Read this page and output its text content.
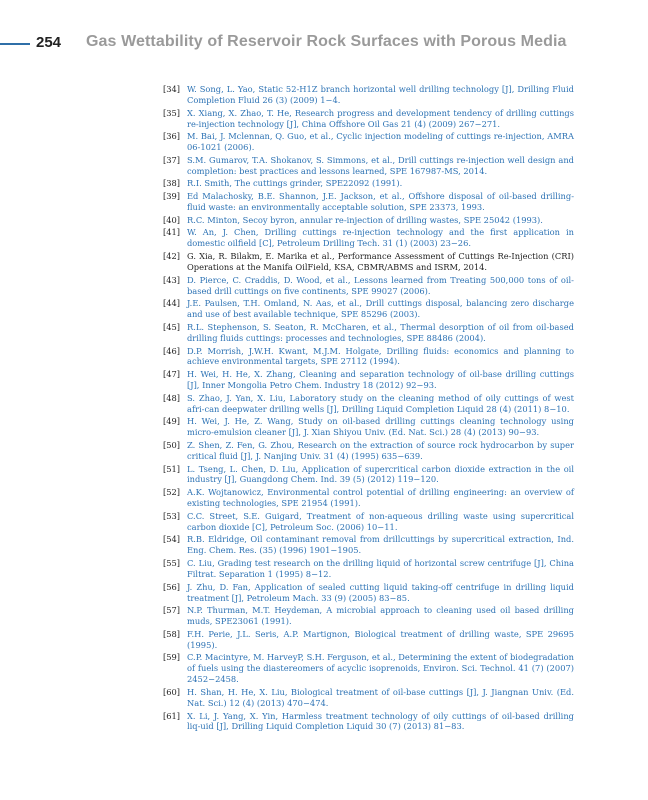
254 Gas Wettability of Reservoir Rock Surfaces with Porous Media
[34] W. Song, L. Yao, Static 52-H1Z branch horizontal well drilling technology [J], Drilling Fluid Completion Fluid 26 (3) (2009) 1−4.
[35] X. Xiang, X. Zhao, T. He, Research progress and development tendency of drilling cuttings re-injection technology [J], China Offshore Oil Gas 21 (4) (2009) 267−271.
[36] M. Bai, J. Mclennan, Q. Guo, et al., Cyclic injection modeling of cuttings re-injection, AMRA 06-1021 (2006).
[37] S.M. Gumarov, T.A. Shokanov, S. Simmons, et al., Drill cuttings re-injection well design and completion: best practices and lessons learned, SPE 167987-MS, 2014.
[38] R.I. Smith, The cuttings grinder, SPE22092 (1991).
[39] Ed Malachosky, B.E. Shannon, J.E. Jackson, et al., Offshore disposal of oil-based drilling-fluid waste: an environmentally acceptable solution, SPE 23373, 1993.
[40] R.C. Minton, Secoy byron, annular re-injection of drilling wastes, SPE 25042 (1993).
[41] W. An, J. Chen, Drilling cuttings re-injection technology and the first application in domestic oilfield [C], Petroleum Drilling Tech. 31 (1) (2003) 23−26.
[42] G. Xia, R. Bilakm, E. Marika et al., Performance Assessment of Cuttings Re-Injection (CRI) Operations at the Manifa OilField, KSA, CBMR/ABMS and ISRM, 2014.
[43] D. Pierce, C. Craddis, D. Wood, et al., Lessons learned from Treating 500,000 tons of oil-based drill cuttings on five continents, SPE 99027 (2006).
[44] J.E. Paulsen, T.H. Omland, N. Aas, et al., Drill cuttings disposal, balancing zero discharge and use of best available technique, SPE 85296 (2003).
[45] R.L. Stephenson, S. Seaton, R. McCharen, et al., Thermal desorption of oil from oil-based drilling fluids cuttings: processes and technologies, SPE 88486 (2004).
[46] D.P. Morrish, J.W.H. Kwant, M.J.M. Holgate, Drilling fluids: economics and planning to achieve environmental targets, SPE 27112 (1994).
[47] H. Wei, H. He, X. Zhang, Cleaning and separation technology of oil-base drilling cuttings [J], Inner Mongolia Petro Chem. Industry 18 (2012) 92−93.
[48] S. Zhao, J. Yan, X. Liu, Laboratory study on the cleaning method of oily cuttings of west afri-can deepwater drilling wells [J], Drilling Liquid Completion Liquid 28 (4) (2011) 8−10.
[49] H. Wei, J. He, Z. Wang, Study on oil-based drilling cuttings cleaning technology using micro-emulsion cleaner [J], J. Xian Shiyou Univ. (Ed. Nat. Sci.) 28 (4) (2013) 90−93.
[50] Z. Shen, Z. Fen, G. Zhou, Research on the extraction of source rock hydrocarbon by super critical fluid [J], J. Nanjing Univ. 31 (4) (1995) 635−639.
[51] L. Tseng, L. Chen, D. Liu, Application of supercritical carbon dioxide extraction in the oil industry [J], Guangdong Chem. Ind. 39 (5) (2012) 119−120.
[52] A.K. Wojtanowicz, Environmental control potential of drilling engineering: an overview of existing technologies, SPE 21954 (1991).
[53] C.C. Street, S.E. Guigard, Treatment of non-aqueous drilling waste using supercritical carbon dioxide [C], Petroleum Soc. (2006) 10−11.
[54] R.B. Eldridge, Oil contaminant removal from drillcuttings by supercritical extraction, Ind. Eng. Chem. Res. (35) (1996) 1901−1905.
[55] C. Liu, Grading test research on the drilling liquid of horizontal screw centrifuge [J], China Filtrat. Separation 1 (1995) 8−12.
[56] J. Zhu, D. Fan, Application of sealed cutting liquid taking-off centrifuge in drilling liquid treatment [J], Petroleum Mach. 33 (9) (2005) 83−85.
[57] N.P. Thurman, M.T. Heydeman, A microbial approach to cleaning used oil based drilling muds, SPE23061 (1991).
[58] F.H. Perie, J.L. Seris, A.P. Martignon, Biological treatment of drilling waste, SPE 29695 (1995).
[59] C.P. Macintyre, M. HarveyP, S.H. Ferguson, et al., Determining the extent of biodegradation of fuels using the diastereomers of acyclic isoprenoids, Environ. Sci. Technol. 41 (7) (2007) 2452−2458.
[60] H. Shan, H. He, X. Liu, Biological treatment of oil-base cuttings [J], J. Jiangnan Univ. (Ed. Nat. Sci.) 12 (4) (2013) 470−474.
[61] X. Li, J. Yang, X. Yin, Harmless treatment technology of oily cuttings of oil-based drilling liq-uid [J], Drilling Liquid Completion Liquid 30 (7) (2013) 81−83.
